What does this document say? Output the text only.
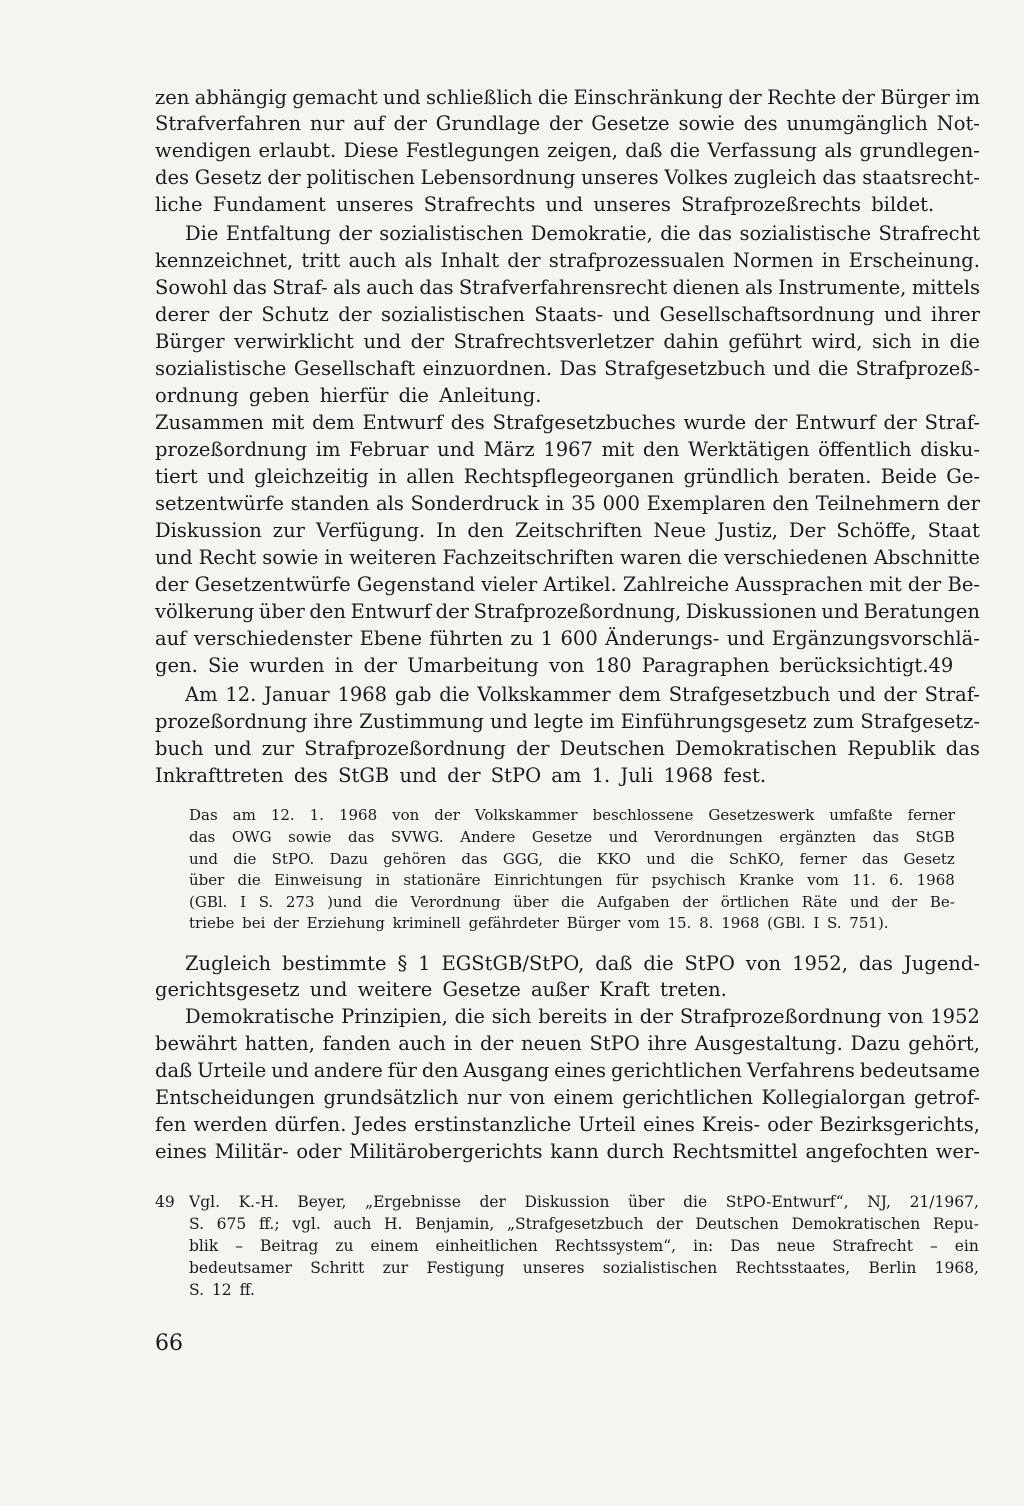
zen abhängig gemacht und schließlich die Einschränkung der Rechte der Bürger im
Strafverfahren nur auf der Grundlage der Gesetze sowie des unumgänglich Not-
wendigen erlaubt. Diese Festlegungen zeigen, daß die Verfassung als grundlegen-
des Gesetz der politischen Lebensordnung unseres Volkes zugleich das staatsrecht-
liche Fundament unseres Strafrechts und unseres Strafprozeßrechts bildet.
Die Entfaltung der sozialistischen Demokratie, die das sozialistische Strafrecht
kennzeichnet, tritt auch als Inhalt der strafprozessualen Normen in Erscheinung.
Sowohl das Straf- als auch das Strafverfahrensrecht dienen als Instrumente, mittels
derer der Schutz der sozialistischen Staats- und Gesellschaftsordnung und ihrer
Bürger verwirklicht und der Strafrechtsverletzer dahin geführt wird, sich in die
sozialistische Gesellschaft einzuordnen. Das Strafgesetzbuch und die Strafprozeß-
ordnung geben hierfür die Anleitung.
Zusammen mit dem Entwurf des Strafgesetzbuches wurde der Entwurf der Straf-
prozeßordnung im Februar und März 1967 mit den Werktätigen öffentlich disku-
tiert und gleichzeitig in allen Rechtspflegeorganen gründlich beraten. Beide Ge-
setzentwürfe standen als Sonderdruck in 35 000 Exemplaren den Teilnehmern der
Diskussion zur Verfügung. In den Zeitschriften Neue Justiz, Der Schöffe, Staat
und Recht sowie in weiteren Fachzeitschriften waren die verschiedenen Abschnitte
der Gesetzentwürfe Gegenstand vieler Artikel. Zahlreiche Aussprachen mit der Be-
völkerung über den Entwurf der Strafprozeßordnung, Diskussionen und Beratungen
auf verschiedenster Ebene führten zu 1 600 Änderungs- und Ergänzungsvorschlä-
gen. Sie wurden in der Umarbeitung von 180 Paragraphen berücksichtigt.49
Am 12. Januar 1968 gab die Volkskammer dem Strafgesetzbuch und der Straf-
prozeßordnung ihre Zustimmung und legte im Einführungsgesetz zum Strafgesetz-
buch und zur Strafprozeßordnung der Deutschen Demokratischen Republik das
Inkrafttreten des StGB und der StPO am 1. Juli 1968 fest.
Das am 12. 1. 1968 von der Volkskammer beschlossene Gesetzeswerk umfaßte ferner
das OWG sowie das SVWG. Andere Gesetze und Verordnungen ergänzten das StGB
und die StPO. Dazu gehören das GGG, die KKO und die SchKO, ferner das Gesetz
über die Einweisung in stationäre Einrichtungen für psychisch Kranke vom 11. 6. 1968
(GBl. I S. 273 )und die Verordnung über die Aufgaben der örtlichen Räte und der Be-
triebe bei der Erziehung kriminell gefährdeter Bürger vom 15. 8. 1968 (GBl. I S. 751).
Zugleich bestimmte § 1 EGStGB/StPO, daß die StPO von 1952, das Jugend-
gerichtsgesetz und weitere Gesetze außer Kraft treten.
Demokratische Prinzipien, die sich bereits in der Strafprozeßordnung von 1952
bewährt hatten, fanden auch in der neuen StPO ihre Ausgestaltung. Dazu gehört,
daß Urteile und andere für den Ausgang eines gerichtlichen Verfahrens bedeutsame
Entscheidungen grundsätzlich nur von einem gerichtlichen Kollegialorgan getrof-
fen werden dürfen. Jedes erstinstanzliche Urteil eines Kreis- oder Bezirksgerichts,
eines Militär- oder Militärobergerichts kann durch Rechtsmittel angefochten wer-
49 Vgl. K.-H. Beyer, „Ergebnisse der Diskussion über die StPO-Entwurf“, NJ, 21/1967,
S. 675 ff.; vgl. auch H. Benjamin, „Strafgesetzbuch der Deutschen Demokratischen Repu-
blik – Beitrag zu einem einheitlichen Rechtssystem“, in: Das neue Strafrecht – ein
bedeutsamer Schritt zur Festigung unseres sozialistischen Rechtsstaates, Berlin 1968,
S. 12 ff.
66
